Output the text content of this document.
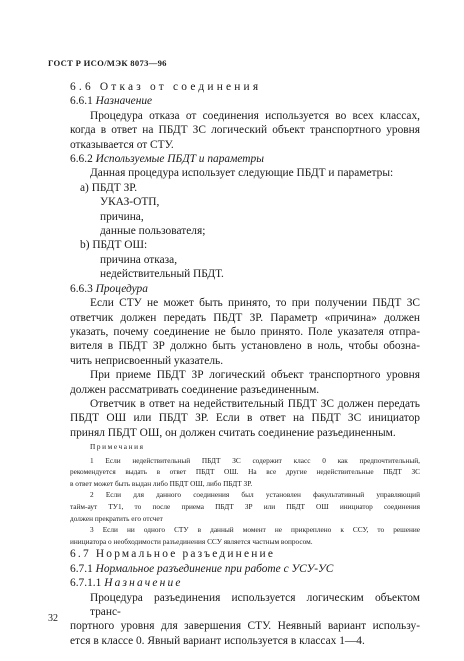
ГОСТ Р ИСО/МЭК 8073—96
6.6 Отказ от соединения
6.6.1 Назначение

Процедура отказа от соединения используется во всех классах,
когда в ответ на ПБДТ ЗС логический объект транспортного уровня
отказывается от СТУ.

6.6.2 Используемые ПБДТ и параметры
Данная процедура использует следующие ПБДТ и параметры:
a) ПБДТ ЗР.
УКАЗ-ОТП,
причина,
данные пользователя;
b) ПБДТ ОШ:
причина отказа,
недействительный ПБДТ.
6.6.3 Процедура

Если СТУ не может быть принято, то при получении ПБДТ ЗС
ответчик должен передать ПБДТ ЗР. Параметр «причина» должен
указать, почему соединение не было принято. Поле указателя отпра-
вителя в ПБДТ ЗР должно быть установлено в ноль, чтобы обозна-
чить неприсвоенный указатель.

При приеме ПБДТ ЗР логический объект транспортного уровня
должен рассматривать соединение разъединенным.

Ответчик в ответ на недействительный ПБДТ ЗС должен передать
ПБДТ ОШ или ПБДТ ЗР. Если в ответ на ПБДТ ЗС инициатор
принял ПБДТ ОШ, он должен считать соединение разъединенным.

Примечания
1 Если недействительный ПБДТ ЗС содержит класс 0 как предпочтительный,
рекомендуется выдать в ответ ПБДТ ОШ. На все другие недействительные ПБДТ ЗС
в ответ может быть выдан либо ПБДТ ОШ, либо ПБДТ ЗР.
2 Если для данного соединения был установлен факультативный управляющий
тайм-аут ТУ1, то после приема ПБДТ ЗР или ПБДТ ОШ инициатор соединения
должен прекратить его отсчет
3 Если ни одного СТУ в данный момент не прикреплено к ССУ, то решение
инициатора о необходимости разъединения ССУ является частным вопросом.
6.7 Нормальное разъединение
6.7.1 Нормальное разъединение при работе с УСУ-УС
6.7.1.1 Назначение

Процедура разъединения используется логическим объектом транс-
портного уровня для завершения СТУ. Неявный вариант использу-
ется в классе 0. Явный вариант используется в классах 1—4.

32
